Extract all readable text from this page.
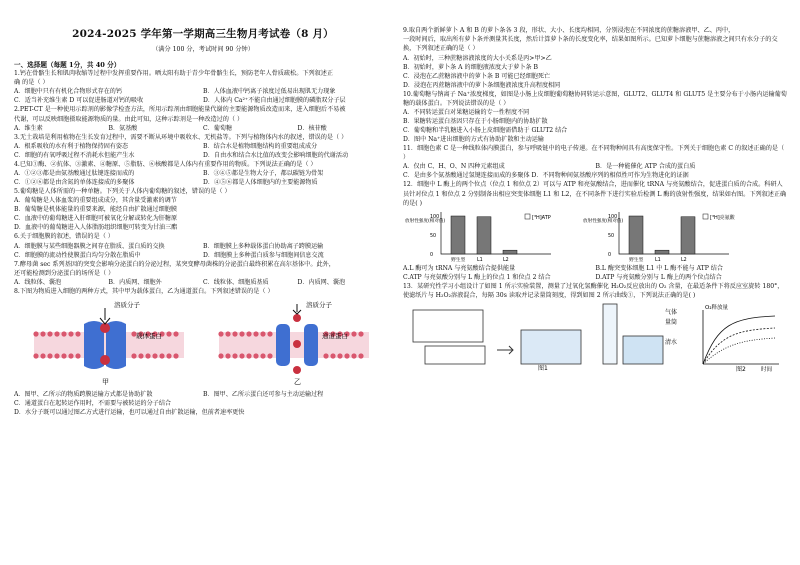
2024-2025 学年第一学期高三生物月考试卷（8 月）
（满分 100 分，考试时间 90 分钟）
一、选择题（每题 1分，共 40 分）

1.钙在骨骼生长和肌肉收缩等过程中发挥重要作用。晒太阳有助于青少年骨骼生长，预防老年人骨质疏松。下列叙述正

确 的是（ ）

A．细胞中只有有机化合物形式存在的钙	B．人体血液中钙离子浓度过低易出现肌无力现象
C．适当补充维生素 D 可以促进肠道对钙的吸收	D．人体内 Ca²⁺不能自由通过细胞膜的磷脂双分子层

2.PET-CT 是一种使用示踪剂的影像学检查方法，所用示踪剂由细胞能量代谢的主要能源物质改造而来，进入细胞后不易被

代谢，可以反映细胞摄取能源物质的量。由此可知，这种示踪剂是一种改造过的（ ）

A．维生素	B．氨基酸	C．葡萄糖	D．核苷酸

3.无土栽培是利用植物在生长发育过程中，需要不断从环境中吸收水、无机盐等。下列与植物体内水的叙述，错误的是（ ）

A．根系吸收的水有利于植物保持固有姿态	B．结合水是植物细胞结构的重要组成成分
C．细胞的有氧呼吸过程不消耗水但能产生水	D．自由水和结合水比值的改变会影响细胞的代谢活动

4.已知①酶、②抗体、③激素、④糖原、⑤脂肪、⑥核酸都是人体内有重要作用的物质。下列说法正确的是（ ）

A．①②③都是由氨基酸通过肽键连接而成的	B．③④⑤都是生物大分子，都以碳链为骨架
C．①②⑥都是由含氮的单体连接成的多聚体	D．④⑤⑥都是人体细胞内的主要能源物质

5.葡萄糖是人体所需的一种单糖。下列关于人体内葡萄糖的叙述，错误的是（ ）

A．葡萄糖是人体血浆的重要组成成分，其含量受激素的调节
B．葡萄糖是机体能量的重要来源，能经自由扩散通过细胞膜
C．血液中的葡萄糖进入肝细胞可被氧化分解或转化为肝糖原
D．血液中的葡萄糖进入人体脂肪组织细胞可转变为甘油三酯

6.关于细胞膜的叙述，错误的是（ ）

A．细胞膜与某些细胞器膜之间存在脂质、蛋白质的交换	B．细胞膜上多种载体蛋白协助离子跨膜运输
C．细胞膜的流动性使膜蛋白均匀分散在脂质中	D．细胞膜上多种蛋白质参与细胞间信息交流

7.酵母菌 sec 系列基因的突变会影响分泌蛋白的分泌过程，某突变酵母菌株的分泌蛋白最终积累在高尔基体中。此外，

还可能检测到分泌蛋白的场所是（ ）

A．线粒体、囊泡	B．内质网、细胞外	C．线粒体、细胞质基质	D．内质网、囊泡

8.下图为物质进入细胞的两种方式，其中甲为载体蛋白，乙为通道蛋白。下列叙述错误的是（ ）

溶质分子	溶质分子
载体蛋白	通道蛋白
甲	乙
A．图甲、乙所示的物质跨膜运输方式都是协助扩散	B．图甲、乙所示蛋白还可参与主动运输过程
C．通道蛋白在起转运作用时，不需要与被转运的分子结合
D．水分子既可以通过图乙方式进行运输，也可以通过自由扩散运输，但前者速率更快

9.取自两个新鲜萝卜 A 和 B 的萝卜条各 3 段，形状、大小、长度均相同，分别浸泡在不同浓度的蔗糖溶液甲、乙、丙中，

一段时间后，取出所有萝卜条并测量其长度，然后计算萝卜条的长度变化率，结果如图所示。已知萝卜细胞与蔗糖溶液之间只有水分子的交换，下列叙述正确的是（ ）

A．初始时，三种蔗糖溶液浓度的大小关系是丙>甲>乙
B．初始时，萝卜条 A 的细胞液浓度大于萝卜条 B
C．浸泡在乙蔗糖溶液中的萝卜条 B 可能已经细胞死亡
D．浸泡在丙蔗糖溶液中的萝卜条细胞液浓度升高程度相同

10.葡萄糖与钠离子 Na⁺浓度梯度，如图是小肠上皮细胞葡萄糖协同转运示意图，GLUT2、GLUT4 和 GLUT5 是主要分布于小肠内运输葡萄糖的载体蛋白。下列说法错误的是（ ）

A．不同转运蛋白对果糖运输的专一性程度不同
B．果糖转运蛋白基因只存在于小肠细胞内的协助扩散
C．葡萄糖和半乳糖进入小肠上皮细胞需借助于 GLUT2 结合
D．图中 Na⁺进出细胞的方式有协助扩散和主动运输

11．细胞色素 C 是一种线粒体内膜蛋白，参与呼吸链中的电子传递。在不同物种间具有高度保守性。下列关于细胞色素 C 的叙述正确的是（ ）

A．仅由 C、H、O、N 四种元素组成	B．是一种能催化 ATP 合成的蛋白质
C．是由多个氨基酸通过氢键连接而成的多聚体 D．不同物种间氨基酸序列的相似性可作为生物进化的证据

12．细胞中 L 酶上的两个位点（位点 1 和位点 2）可以与 ATP 和亮氨酸结合，进而催化 tRNA 与亮氨酸结合，促进蛋白质的合成。科研人员针对位点 1 和位点 2 分别制备出相应突变体细胞 L1 和 L2，在不同条件下进行实验后检测 L 酶的放射性强度，结果如右图。下列叙述正确的是( )

放射性强度(相对值)
0
50
100
野生型 L1	L2
[³H]ATP
放射性强度(相对值)
0
50
100
野生型 L1	L2
[³H]亮氨酸
A.L 酶可为 tRNA 与亮氨酸结合提供能量	B.L 酶突变体细胞 L1 中 L 酶不能与 ATP 结合
C.ATP 与亮氨酸分别与 L 酶上的位点 1 和位点 2 结合	D.ATP 与亮氨酸分别与 L 酶上的两个位点结合

13．某研究性学习小组设计了如图 1 所示实验装置，测量了过氧化氢酶催化 H₂O₂反应放出的 O₂ 含量，在最适条件下将反应室旋转 180°，使滤纸片与 H₂O₂溶液混合，每隔 30s 读取并记录量筒刻度，得到如图 2 所示曲线①，下列说法正确的是( )

气体
量筒
清水
图1
O₂释放量
时间
图2
